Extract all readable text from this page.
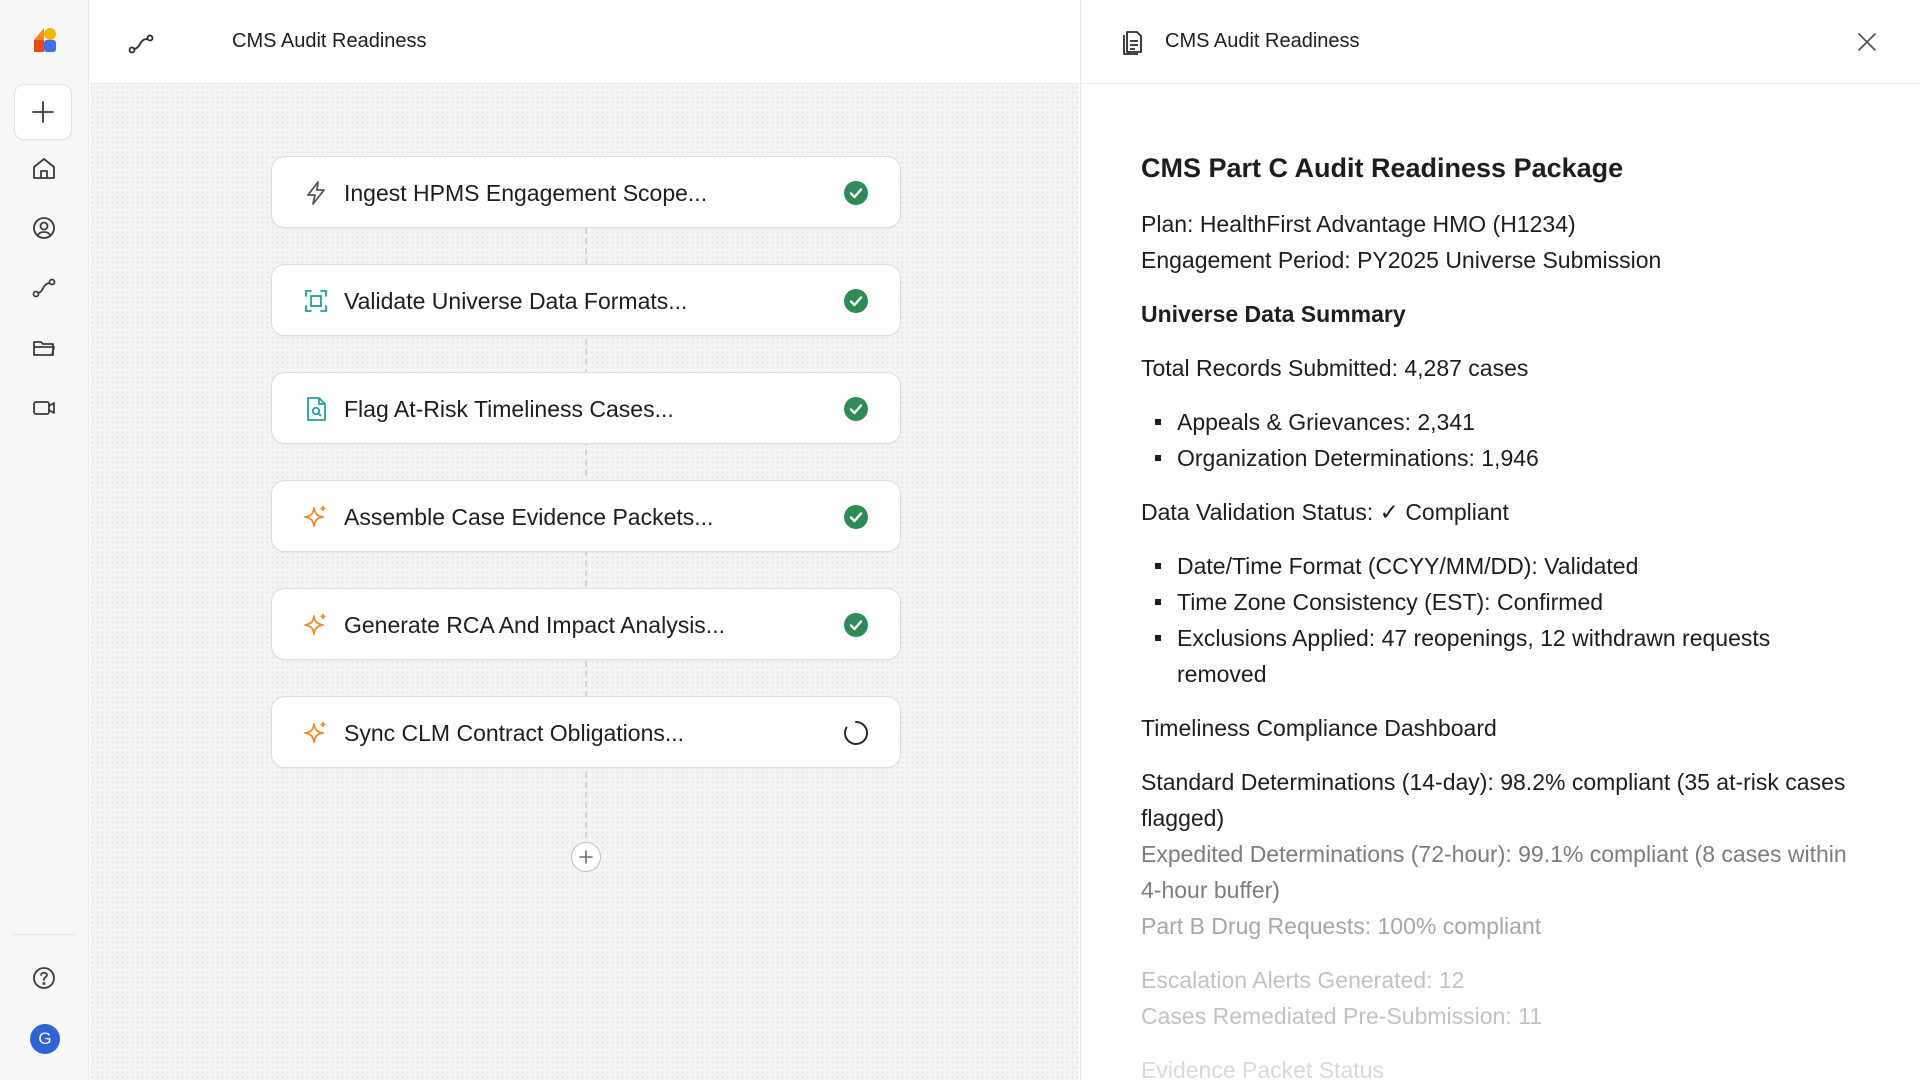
G
CMS Audit Readiness
Ingest HPMS Engagement Scope...
Validate Universe Data Formats...
Flag At-Risk Timeliness Cases...
Assemble Case Evidence Packets...
Generate RCA And Impact Analysis...
Sync CLM Contract Obligations...
CMS Audit Readiness
CMS Part C Audit Readiness Package

Plan: HealthFirst Advantage HMO (H1234)

Engagement Period: PY2025 Universe Submission

Universe Data Summary

Total Records Submitted: 4,287 cases

Appeals & Grievances: 2,341
Organization Determinations: 1,946

Data Validation Status: ✓ Compliant

Date/Time Format (CCYY/MM/DD): Validated
Time Zone Consistency (EST): Confirmed
Exclusions Applied: 47 reopenings, 12 withdrawn requests removed

Timeliness Compliance Dashboard

Standard Determinations (14-day): 98.2% compliant (35 at-risk cases flagged)

Expedited Determinations (72-hour): 99.1% compliant (8 cases within 4-hour buffer)

Part B Drug Requests: 100% compliant

Escalation Alerts Generated: 12

Cases Remediated Pre-Submission: 11

Evidence Packet Status
